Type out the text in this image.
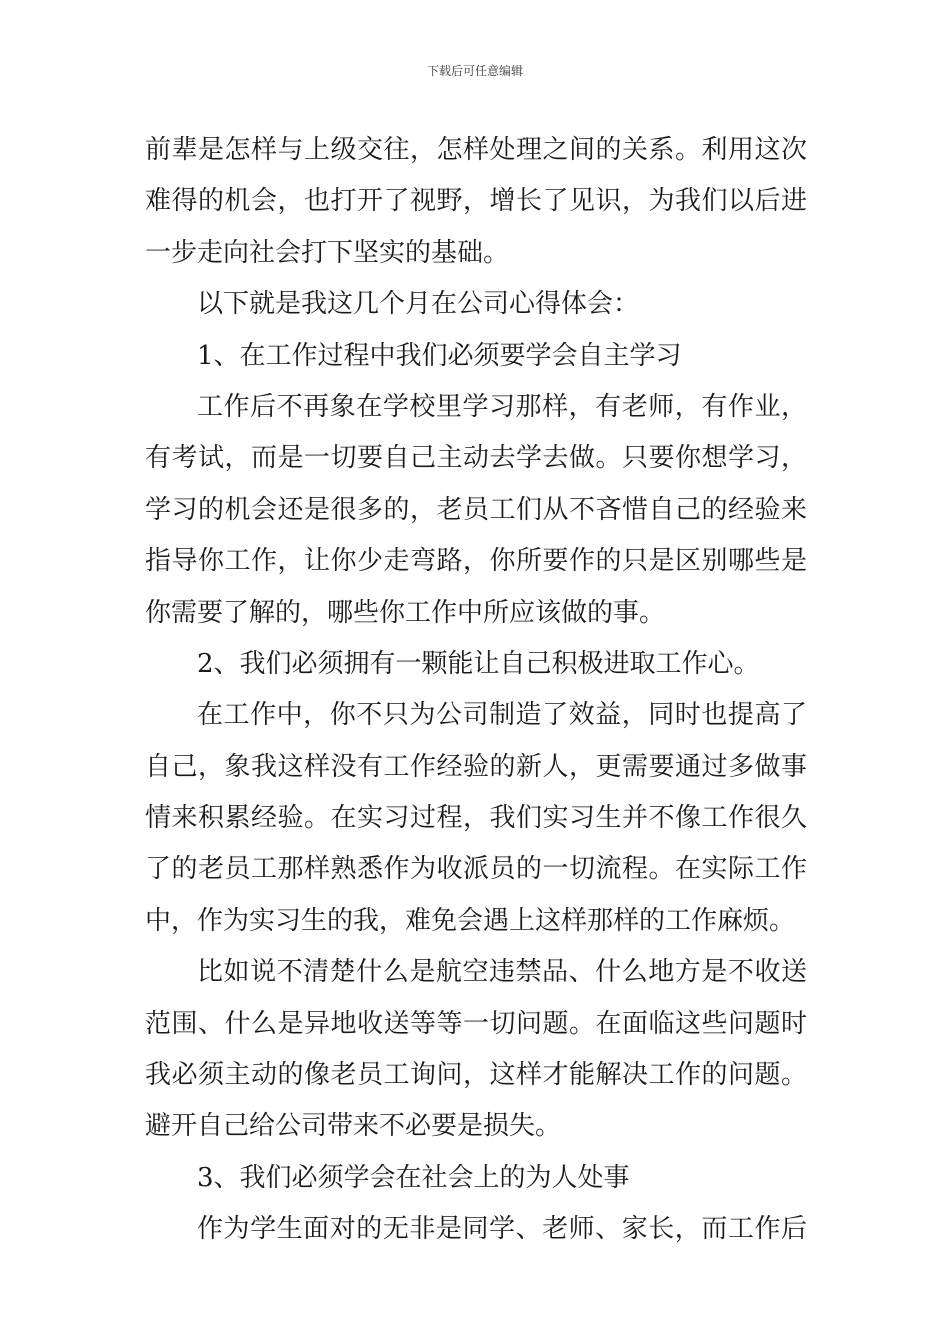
下载后可任意编辑
前辈是怎样与上级交往，怎样处理之间的关系。利用这次
难得的机会，也打开了视野，增长了见识，为我们以后进
一步走向社会打下坚实的基础。
以下就是我这几个月在公司心得体会：
1、在工作过程中我们必须要学会自主学习
工作后不再象在学校里学习那样，有老师，有作业，
有考试，而是一切要自己主动去学去做。只要你想学习，
学习的机会还是很多的，老员工们从不吝惜自己的经验来
指导你工作，让你少走弯路，你所要作的只是区别哪些是
你需要了解的，哪些你工作中所应该做的事。
2、我们必须拥有一颗能让自己积极进取工作心。
在工作中，你不只为公司制造了效益，同时也提高了
自己，象我这样没有工作经验的新人，更需要通过多做事
情来积累经验。在实习过程，我们实习生并不像工作很久
了的老员工那样熟悉作为收派员的一切流程。在实际工作
中，作为实习生的我，难免会遇上这样那样的工作麻烦。
比如说不清楚什么是航空违禁品、什么地方是不收送
范围、什么是异地收送等等一切问题。在面临这些问题时
我必须主动的像老员工询问，这样才能解决工作的问题。
避开自己给公司带来不必要是损失。
3、我们必须学会在社会上的为人处事
作为学生面对的无非是同学、老师、家长，而工作后
